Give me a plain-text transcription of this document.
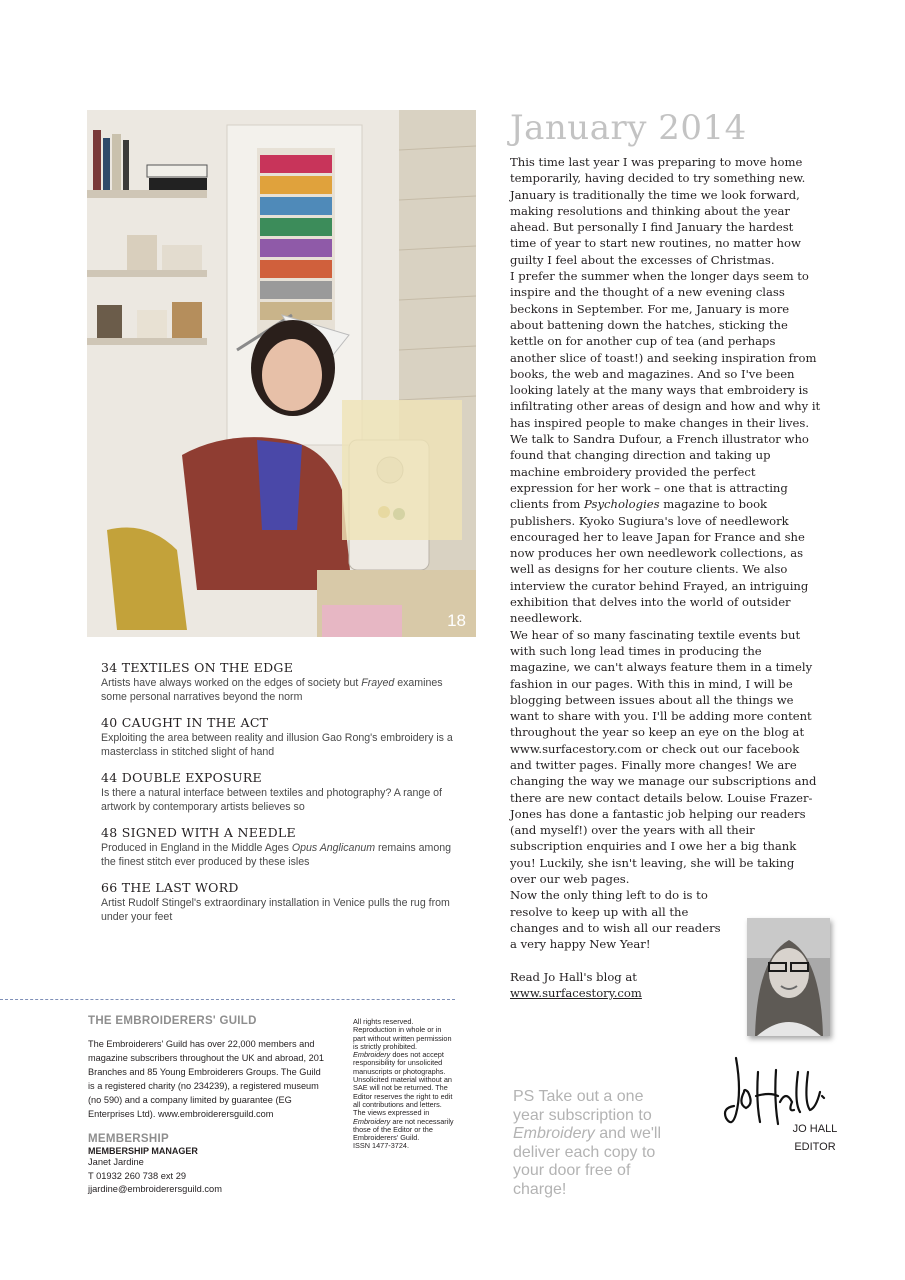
18
34 TEXTILES ON THE EDGE
Artists have always worked on the edges of society but Frayed examines some personal narratives beyond the norm
40 CAUGHT IN THE ACT
Exploiting the area between reality and illusion Gao Rong's embroidery is a masterclass in stitched slight of hand
44 DOUBLE EXPOSURE
Is there a natural interface between textiles and photography? A range of artwork by contemporary artists believes so
48 SIGNED WITH A NEEDLE
Produced in England in the Middle Ages Opus Anglicanum remains among the finest stitch ever produced by these isles
66 THE LAST WORD
Artist Rudolf Stingel's extraordinary installation in Venice pulls the rug from under your feet
January 2014

This time last year I was preparing to move home temporarily, having decided to try something new. January is traditionally the time we look forward, making resolutions and thinking about the year ahead. But personally I find January the hardest time of year to start new routines, no matter how guilty I feel about the excesses of Christmas.

I prefer the summer when the longer days seem to inspire and the thought of a new evening class beckons in September. For me, January is more about battening down the hatches, sticking the kettle on for another cup of tea (and perhaps another slice of toast!) and seeking inspiration from books, the web and magazines. And so I've been looking lately at the many ways that embroidery is infiltrating other areas of design and how and why it has inspired people to make changes in their lives. We talk to Sandra Dufour, a French illustrator who found that changing direction and taking up machine embroidery provided the perfect expression for her work – one that is attracting clients from Psychologies magazine to book publishers. Kyoko Sugiura's love of needlework encouraged her to leave Japan for France and she now produces her own needlework collections, as well as designs for her couture clients. We also interview the curator behind Frayed, an intriguing exhibition that delves into the world of outsider needlework.

We hear of so many fascinating textile events but with such long lead times in producing the magazine, we can't always feature them in a timely fashion in our pages. With this in mind, I will be blogging between issues about all the things we want to share with you. I'll be adding more content throughout the year so keep an eye on the blog at www.surfacestory.com or check out our facebook and twitter pages. Finally more changes! We are changing the way we manage our subscriptions and there are new contact details below. Louise Frazer-Jones has done a fantastic job helping our readers (and myself!) over the years with all their subscription enquiries and I owe her a big thank you! Luckily, she isn't leaving, she will be taking over our web pages.

Now the only thing left to do is to
resolve to keep up with all the
changes and to wish all our readers
a very happy New Year!

Read Jo Hall's blog at
www.surfacestory.com
THE EMBROIDERERS' GUILD
The Embroiderers' Guild has over 22,000 members and magazine subscribers throughout the UK and abroad, 201 Branches and 85 Young Embroiderers Groups. The Guild is a registered charity (no 234239), a registered museum (no 590) and a company limited by guarantee (EG Enterprises Ltd). www.embroiderersguild.com
MEMBERSHIP
MEMBERSHIP MANAGER
Janet Jardine
T 01932 260 738 ext 29
jjardine@embroiderersguild.com
All rights reserved. Reproduction in whole or in part without written permission is strictly prohibited. Embroidery does not accept responsibility for unsolicited manuscripts or photographs. Unsolicited material without an SAE will not be returned. The Editor reserves the right to edit all contributions and letters. The views expressed in Embroidery are not necessarily those of the Editor or the Embroiderers' Guild.
ISSN 1477-3724.
PS Take out a one year subscription to Embroidery and we'll deliver each copy to your door free of charge!
JO HALL
EDITOR
